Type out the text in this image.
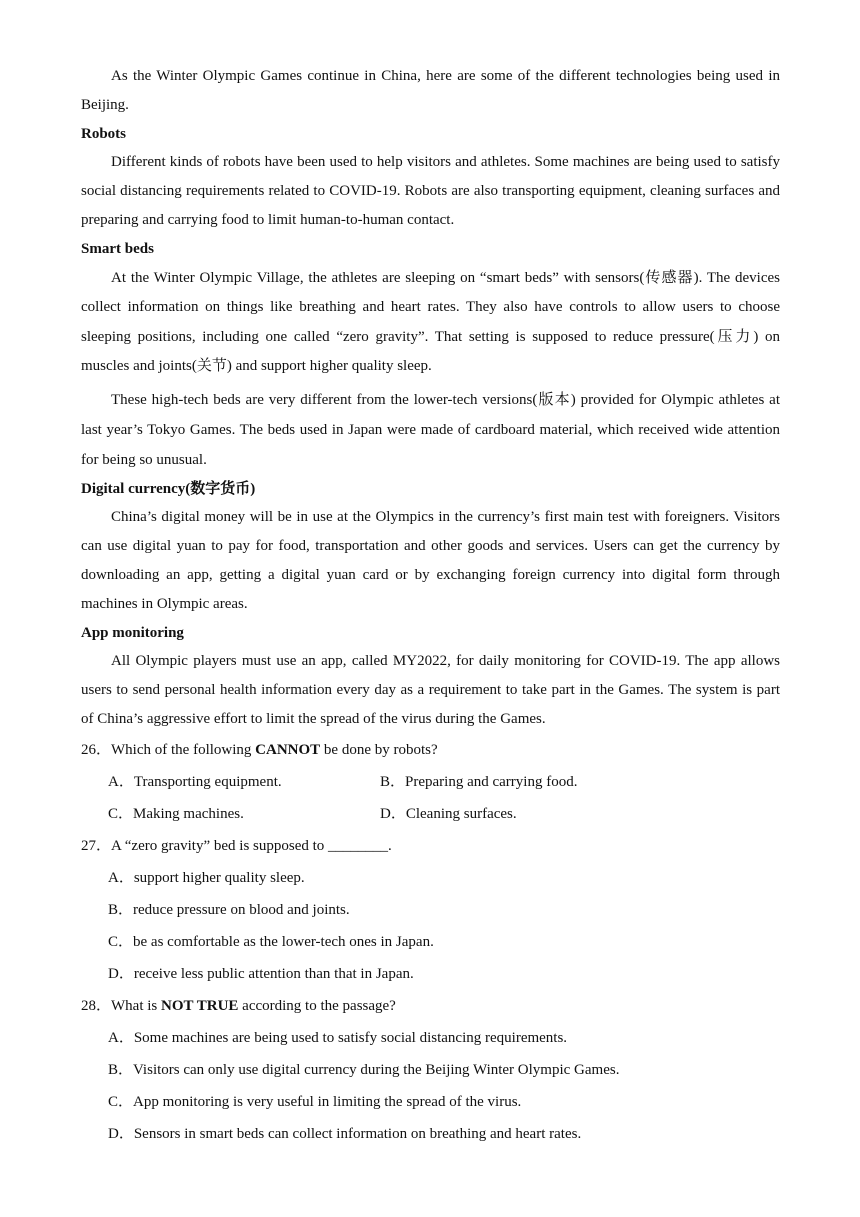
As the Winter Olympic Games continue in China, here are some of the different technologies being used in Beijing.

Robots

Different kinds of robots have been used to help visitors and athletes. Some machines are being used to satisfy social distancing requirements related to COVID-19. Robots are also transporting equipment, cleaning surfaces and preparing and carrying food to limit human-to-human contact.

Smart beds

At the Winter Olympic Village, the athletes are sleeping on “smart beds” with sensors(传感器). The devices collect information on things like breathing and heart rates. They also have controls to allow users to choose sleeping positions, including one called “zero gravity”. That setting is supposed to reduce pressure(压力) on muscles and joints(关节) and support higher quality sleep.

These high-tech beds are very different from the lower-tech versions(版本) provided for Olympic athletes at last year’s Tokyo Games. The beds used in Japan were made of cardboard material, which received wide attention for being so unusual.

Digital currency(数字货币)

China’s digital money will be in use at the Olympics in the currency’s first main test with foreigners. Visitors can use digital yuan to pay for food, transportation and other goods and services. Users can get the currency by downloading an app, getting a digital yuan card or by exchanging foreign currency into digital form through machines in Olympic areas.

App monitoring

All Olympic players must use an app, called MY2022, for daily monitoring for COVID-19. The app allows users to send personal health information every day as a requirement to take part in the Games. The system is part of China’s aggressive effort to limit the spread of the virus during the Games.

26．Which of the following CANNOT be done by robots?

A．Transporting equipment.	B．Preparing and carrying food.
C．Making machines.	D．Cleaning surfaces.

27．A “zero gravity” bed is supposed to ________.

A．support higher quality sleep.

B．reduce pressure on blood and joints.

C．be as comfortable as the lower-tech ones in Japan.

D．receive less public attention than that in Japan.

28．What is NOT TRUE according to the passage?

A．Some machines are being used to satisfy social distancing requirements.

B．Visitors can only use digital currency during the Beijing Winter Olympic Games.

C．App monitoring is very useful in limiting the spread of the virus.

D．Sensors in smart beds can collect information on breathing and heart rates.
